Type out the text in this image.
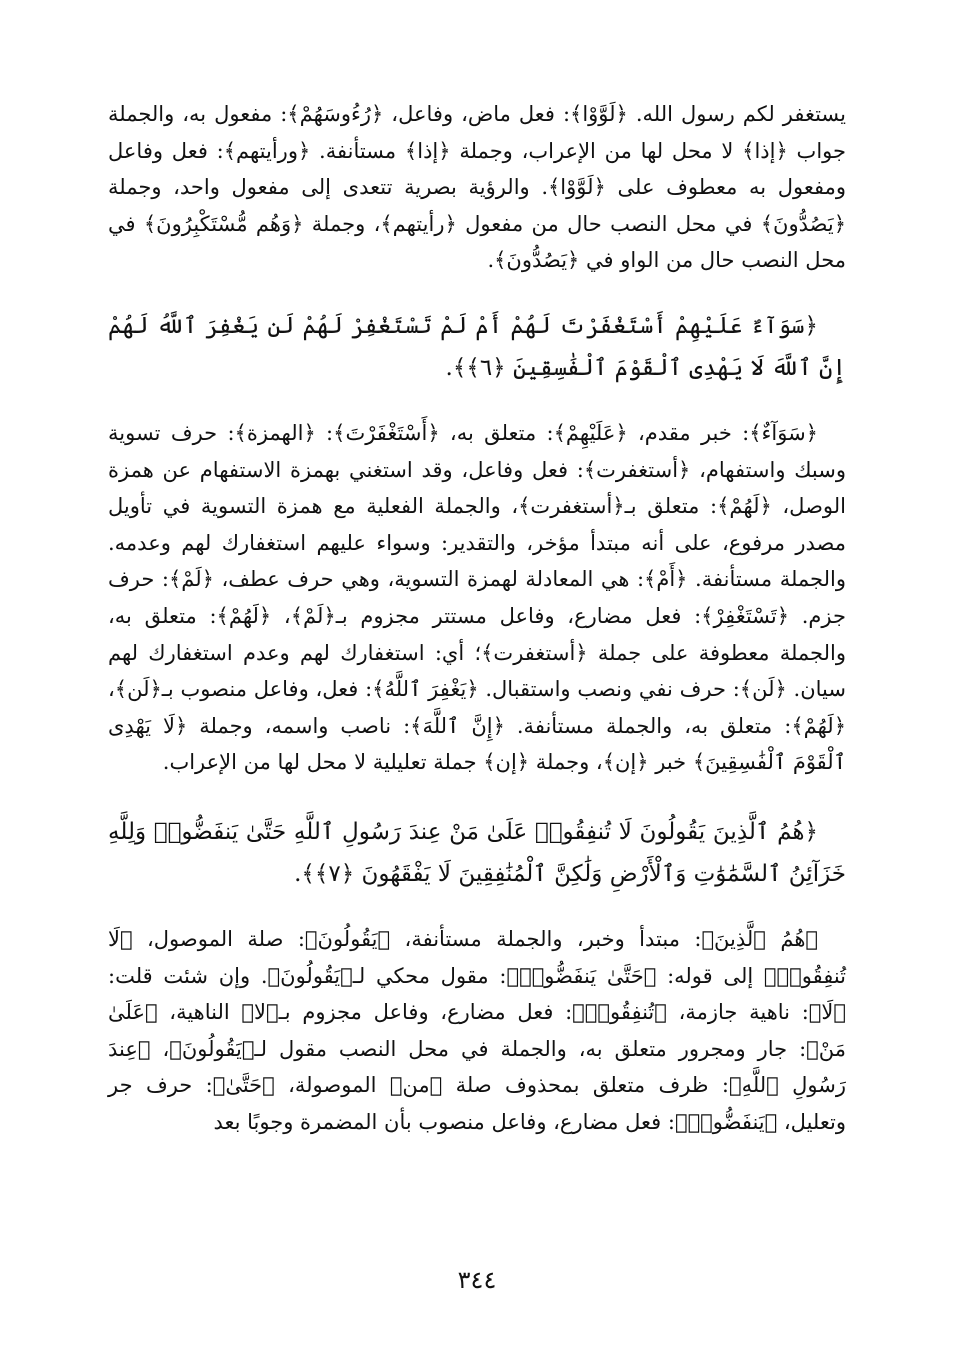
يستغفر لكم رسول الله. ﴿لَوَّوْا﴾: فعل ماض، وفاعل، ﴿رُءُوسَهُمْ﴾: مفعول به، والجملة جواب ﴿إذا﴾ لا محل لها من الإعراب، وجملة ﴿إذا﴾ مستأنفة. ﴿ورأيتهم﴾: فعل وفاعل ومفعول به معطوف على ﴿لَوَّوْا﴾. والرؤية بصرية تتعدى إلى مفعول واحد، وجملة ﴿يَصُدُّونَ﴾ في محل النصب حال من مفعول ﴿رأيتهم﴾، وجملة ﴿وَهُم مُّسْتَكْبِرُونَ﴾ في محل النصب حال من الواو في ﴿يَصُدُّونَ﴾.

﴿سَوَآءٌ عَلَيْهِمْ أَسْتَغْفَرْتَ لَهُمْ أَمْ لَمْ تَسْتَغْفِرْ لَهُمْ لَن يَغْفِرَ ٱللَّهُ لَهُمْ إِنَّ ٱللَّهَ لَا يَهْدِى ٱلْقَوْمَ ٱلْفَٰسِقِينَ ﴿٦﴾﴾.

﴿سَوَآءٌ﴾: خبر مقدم، ﴿عَلَيْهِمْ﴾: متعلق به، ﴿أَسْتَغْفَرْتَ﴾: ﴿الهمزة﴾: حرف تسوية وسبك واستفهام، ﴿أستغفرت﴾: فعل وفاعل، وقد استغني بهمزة الاستفهام عن همزة الوصل، ﴿لَهُمْ﴾: متعلق بـ﴿أستغفرت﴾، والجملة الفعلية مع همزة التسوية في تأويل مصدر مرفوع، على أنه مبتدأ مؤخر، والتقدير: وسواء عليهم استغفارك لهم وعدمه. والجملة مستأنفة. ﴿أَمْ﴾: هي المعادلة لهمزة التسوية، وهي حرف عطف، ﴿لَمْ﴾: حرف جزم. ﴿تَسْتَغْفِرْ﴾: فعل مضارع، وفاعل مستتر مجزوم بـ﴿لَمْ﴾، ﴿لَهُمْ﴾: متعلق به، والجملة معطوفة على جملة ﴿أستغفرت﴾؛ أي: استغفارك لهم وعدم استغفارك لهم سيان. ﴿لَن﴾: حرف نفي ونصب واستقبال. ﴿يَغْفِرَ ٱللَّهُ﴾: فعل، وفاعل منصوب بـ﴿لَن﴾، ﴿لَهُمْ﴾: متعلق به، والجملة مستأنفة. ﴿إِنَّ ٱللَّهَ﴾: ناصب واسمه، وجملة ﴿لَا يَهْدِى ٱلْقَوْمَ ٱلْفَٰسِقِينَ﴾ خبر ﴿إن﴾، وجملة ﴿إن﴾ جملة تعليلية لا محل لها من الإعراب.

﴿هُمُ ٱلَّذِينَ يَقُولُونَ لَا تُنفِقُوا۟ عَلَىٰ مَنْ عِندَ رَسُولِ ٱللَّهِ حَتَّىٰ يَنفَضُّوا۟ وَلِلَّهِ خَزَآئِنُ ٱلسَّمَٰوَٰتِ وَٱلْأَرْضِ وَلَٰكِنَّ ٱلْمُنَٰفِقِينَ لَا يَفْقَهُونَ ﴿٧﴾﴾.

﴿هُمُ ٱلَّذِينَ﴾: مبتدأ وخبر، والجملة مستأنفة، ﴿يَقُولُونَ﴾: صلة الموصول، ﴿لَا تُنفِقُوا۟﴾ إلى قوله: ﴿حَتَّىٰ يَنفَضُّوا۟﴾: مقول محكي لـ﴿يَقُولُونَ﴾. وإن شئت قلت: ﴿لَا﴾: ناهية جازمة، ﴿تُنفِقُوا۟﴾: فعل مضارع، وفاعل مجزوم بـ﴿لا﴾ الناهية، ﴿عَلَىٰ مَنْ﴾: جار ومجرور متعلق به، والجملة في محل النصب مقول لـ﴿يَقُولُونَ﴾، ﴿عِندَ رَسُولِ ٱللَّهِ﴾: ظرف متعلق بمحذوف صلة ﴿من﴾ الموصولة، ﴿حَتَّىٰ﴾: حرف جر وتعليل، ﴿يَنفَضُّوا۟﴾: فعل مضارع، وفاعل منصوب بأن المضمرة وجوبًا بعد

٣٤٤
